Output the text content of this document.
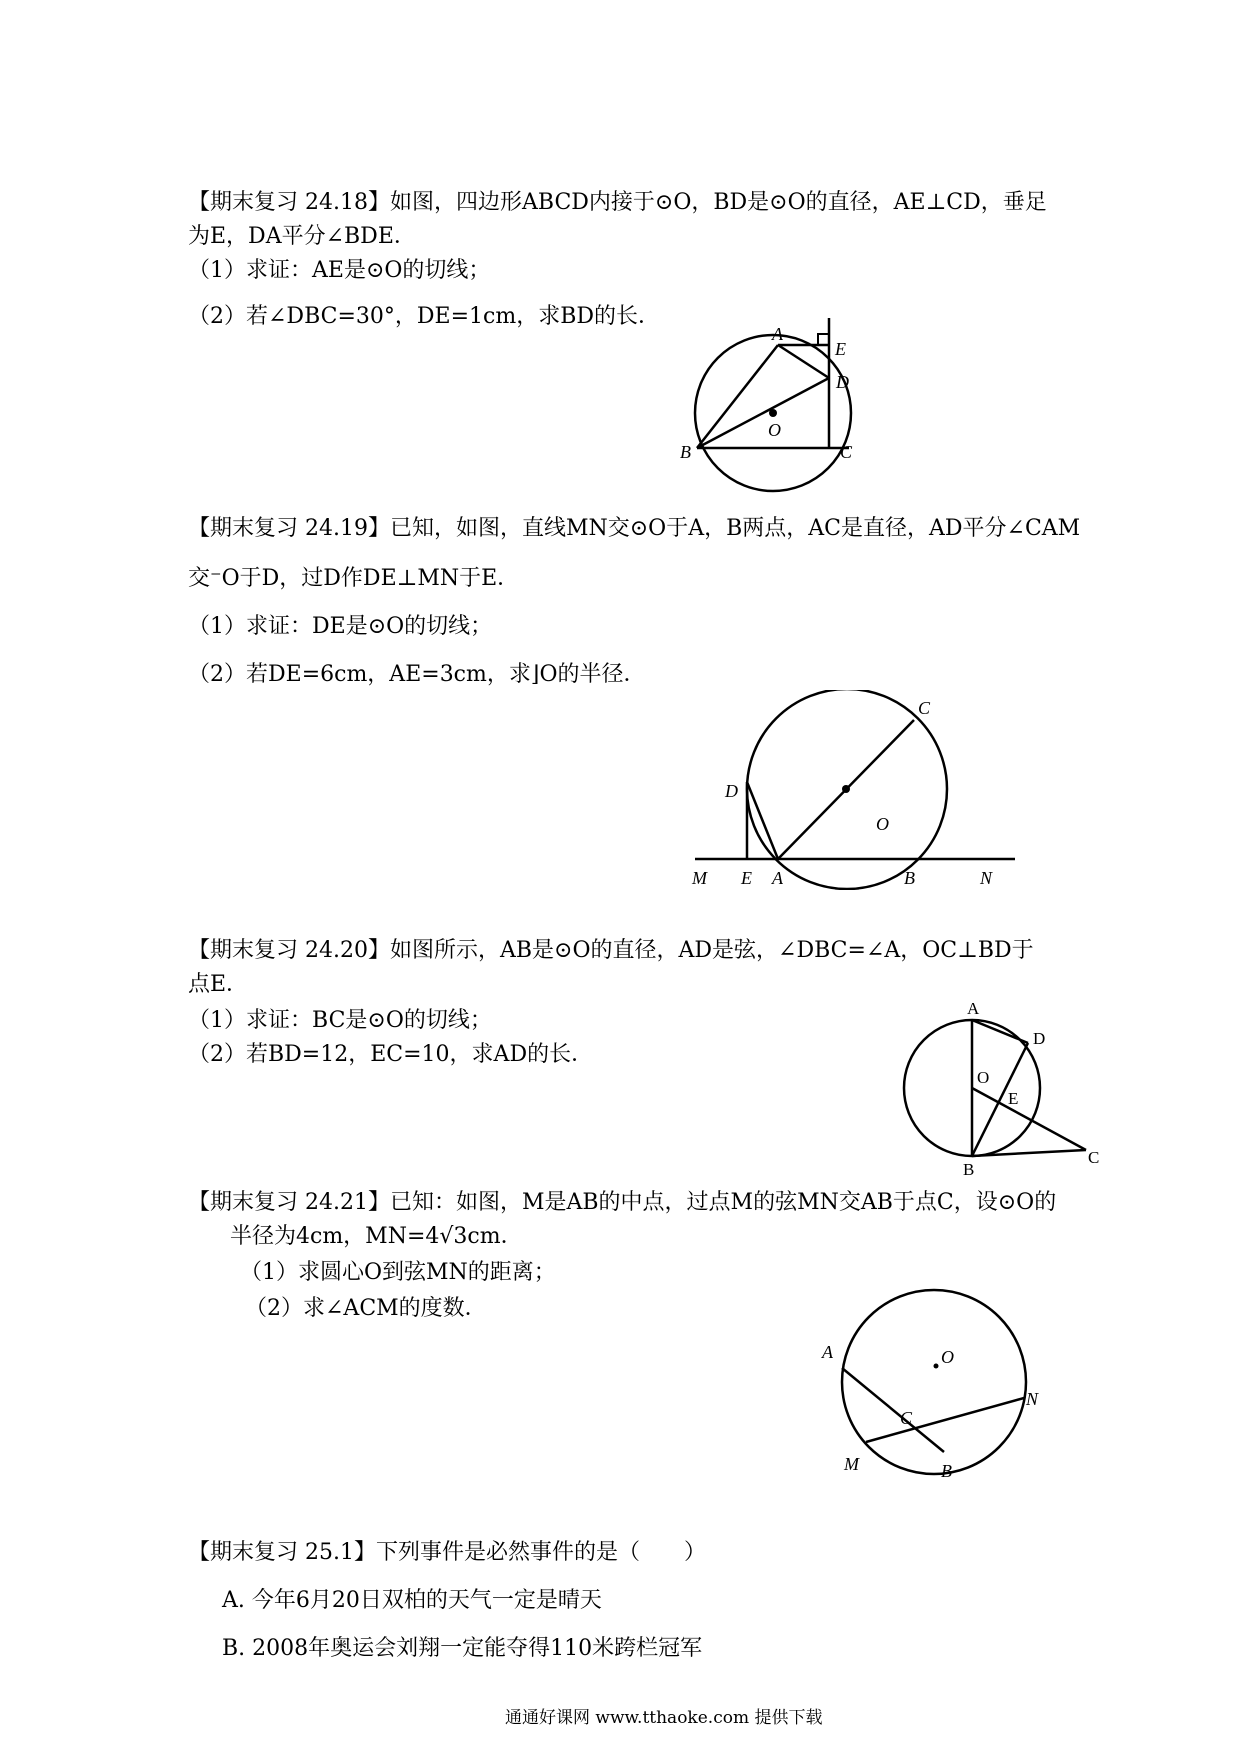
【期末复习 24.18】如图，四边形ABCD内接于⊙O，BD是⊙O的直径，AE⊥CD，垂足
为E，DA平分∠BDE．
（1）求证：AE是⊙O的切线；
（2）若∠DBC=30°，DE=1cm，求BD的长．
A
E
D
O
B	C
【期末复习 24.19】已知，如图，直线MN交⊙O于A，B两点，AC是直径，AD平分∠CAM
交⁻O于D，过D作DE⊥MN于E．
（1）求证：DE是⊙O的切线；
（2）若DE=6cm，AE=3cm，求⌋O的半径．
C
D
O
M E A	B	N
【期末复习 24.20】如图所示，AB是⊙O的直径，AD是弦，∠DBC=∠A，OC⊥BD于
点E．
（1）求证：BC是⊙O的切线；
（2）若BD=12，EC=10，求AD的长．
A
D
O
E
B
C
【期末复习 24.21】已知：如图，M是AB的中点，过点M的弦MN交AB于点C，设⊙O的
半径为4cm，MN=4√3cm．
（1）求圆心O到弦MN的距离；
（2）求∠ACM的度数．
A	O
N
C
M	B
【期末复习 25.1】下列事件是必然事件的是（　　）
A. 今年6月20日双柏的天气一定是晴天
B. 2008年奥运会刘翔一定能夺得110米跨栏冠军
通通好课网 www.tthaoke.com 提供下载
